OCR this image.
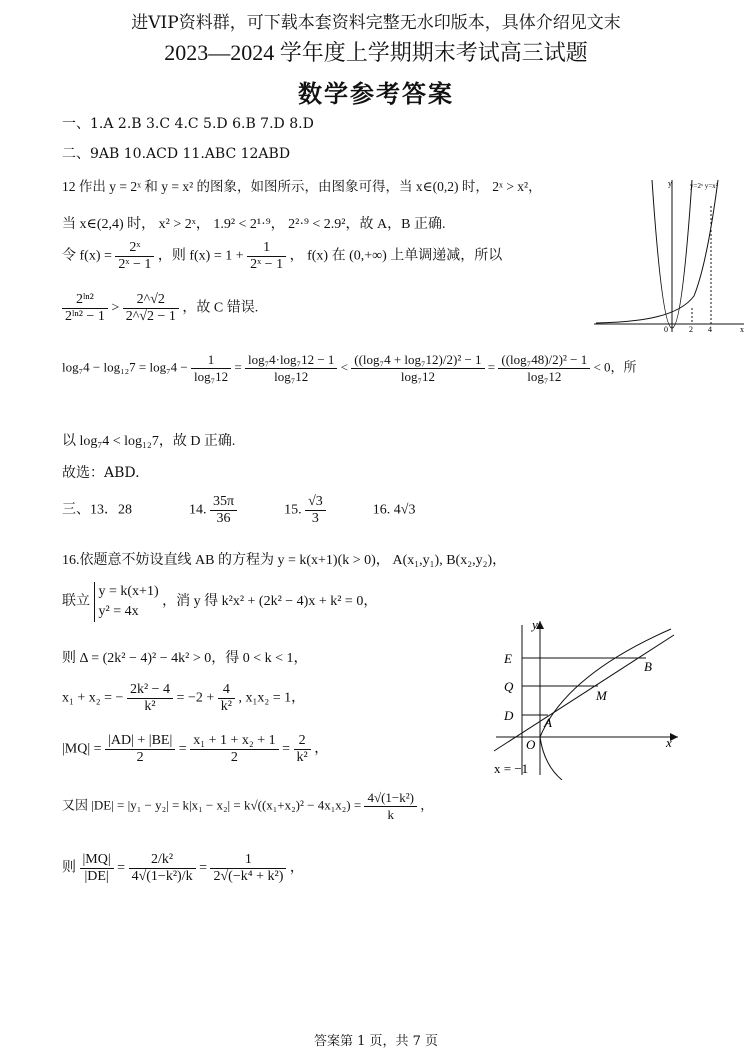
进VIP资料群，可下载本套资料完整无水印版本，具体介绍见文末
2023—2024 学年度上学期期末考试高三试题
数学参考答案
一、1.A 2.B 3.C 4.C 5.D 6.B 7.D 8.D
二、9AB 10.ACD 11.ABC 12ABD
12 作出 y = 2ˣ 和 y = x² 的图象，如图所示，由图象可得，当 x∈(0,2) 时， 2ˣ > x²，
当 x∈(2,4) 时， x² > 2ˣ， 1.9² < 2¹·⁹， 2²·⁹ < 2.9²，故 A，B 正确.
令 $f(x) = \frac{\text{2ˣ}}{\text{2ˣ − 1}}$ ，则 $f(x) = 1 + \frac{1}{\text{2ˣ − 1}}$ ， f(x) 在 (0,+∞) 上单调递减，所以
$\frac{\text{2ˡⁿ²}}{\text{2ˡⁿ² − 1}} > \frac{2\^{}√2}{2\^{}√2 - 1}$ ，故 C 错误.
y
x
0	2 4
y=2ˣ y=x²
$\log_74 - \log_{12}7 = \log_74 - \frac{1}{\text{log₇12}} = \frac{\text{log₇4·log₇12 − 1}}{\text{log₇12}} < \frac{\text{((log₇4 + log₇12)/2)² − 1}}{\text{log₇12}} = \frac{\text{((log₇48)/2)² − 1}}{\text{log₇12}} < 0$，所
以 log₇4 < log₁₂7，故 D 正确.
故选：ABD.
三、13．28	14. $\frac{35\pi}{36}$	15. $\frac{√3}{3}$	16. 4√3
16.依题意不妨设直线 AB 的方程为 y = k(x+1)(k > 0)， A(x₁,y₁), B(x₂,y₂)，
联立
y = k(x+1)
y² = 4x
，消 y 得 k²x² + (2k² − 4)x + k² = 0，
则 Δ = (2k² − 4)² − 4k² > 0，得 0 < k < 1，
x₁ + x₂ = − $\frac{\text{2k² − 4}}{\text{k²}} = -2 + \frac{4}{\text{k²}}$ , x₁x₂ = 1，
$|MQ| = \frac{|AD| + |BE|}{2} = \frac{\text{x₁ + 1 + x₂ + 1}}{2} = \frac{2}{\text{k²}}$ ，
又因 $|DE| = |y_1 - y_2| = k|x_1 - x_2| = k√((x_1+x_2)^2 - 4x_1x_2) = \frac{\text{4√(1−k²)}}{k}$ ，
则 $\frac{|MQ|}{|DE|} = \frac{\text{2/k²}}{\text{4√(1−k²)/k}} = \frac{1}{\text{2√(−k⁴ + k²)}}$ ，
y
x
O
E
Q
D A
B
M
x = −1
答案第 1 页，共 7 页
